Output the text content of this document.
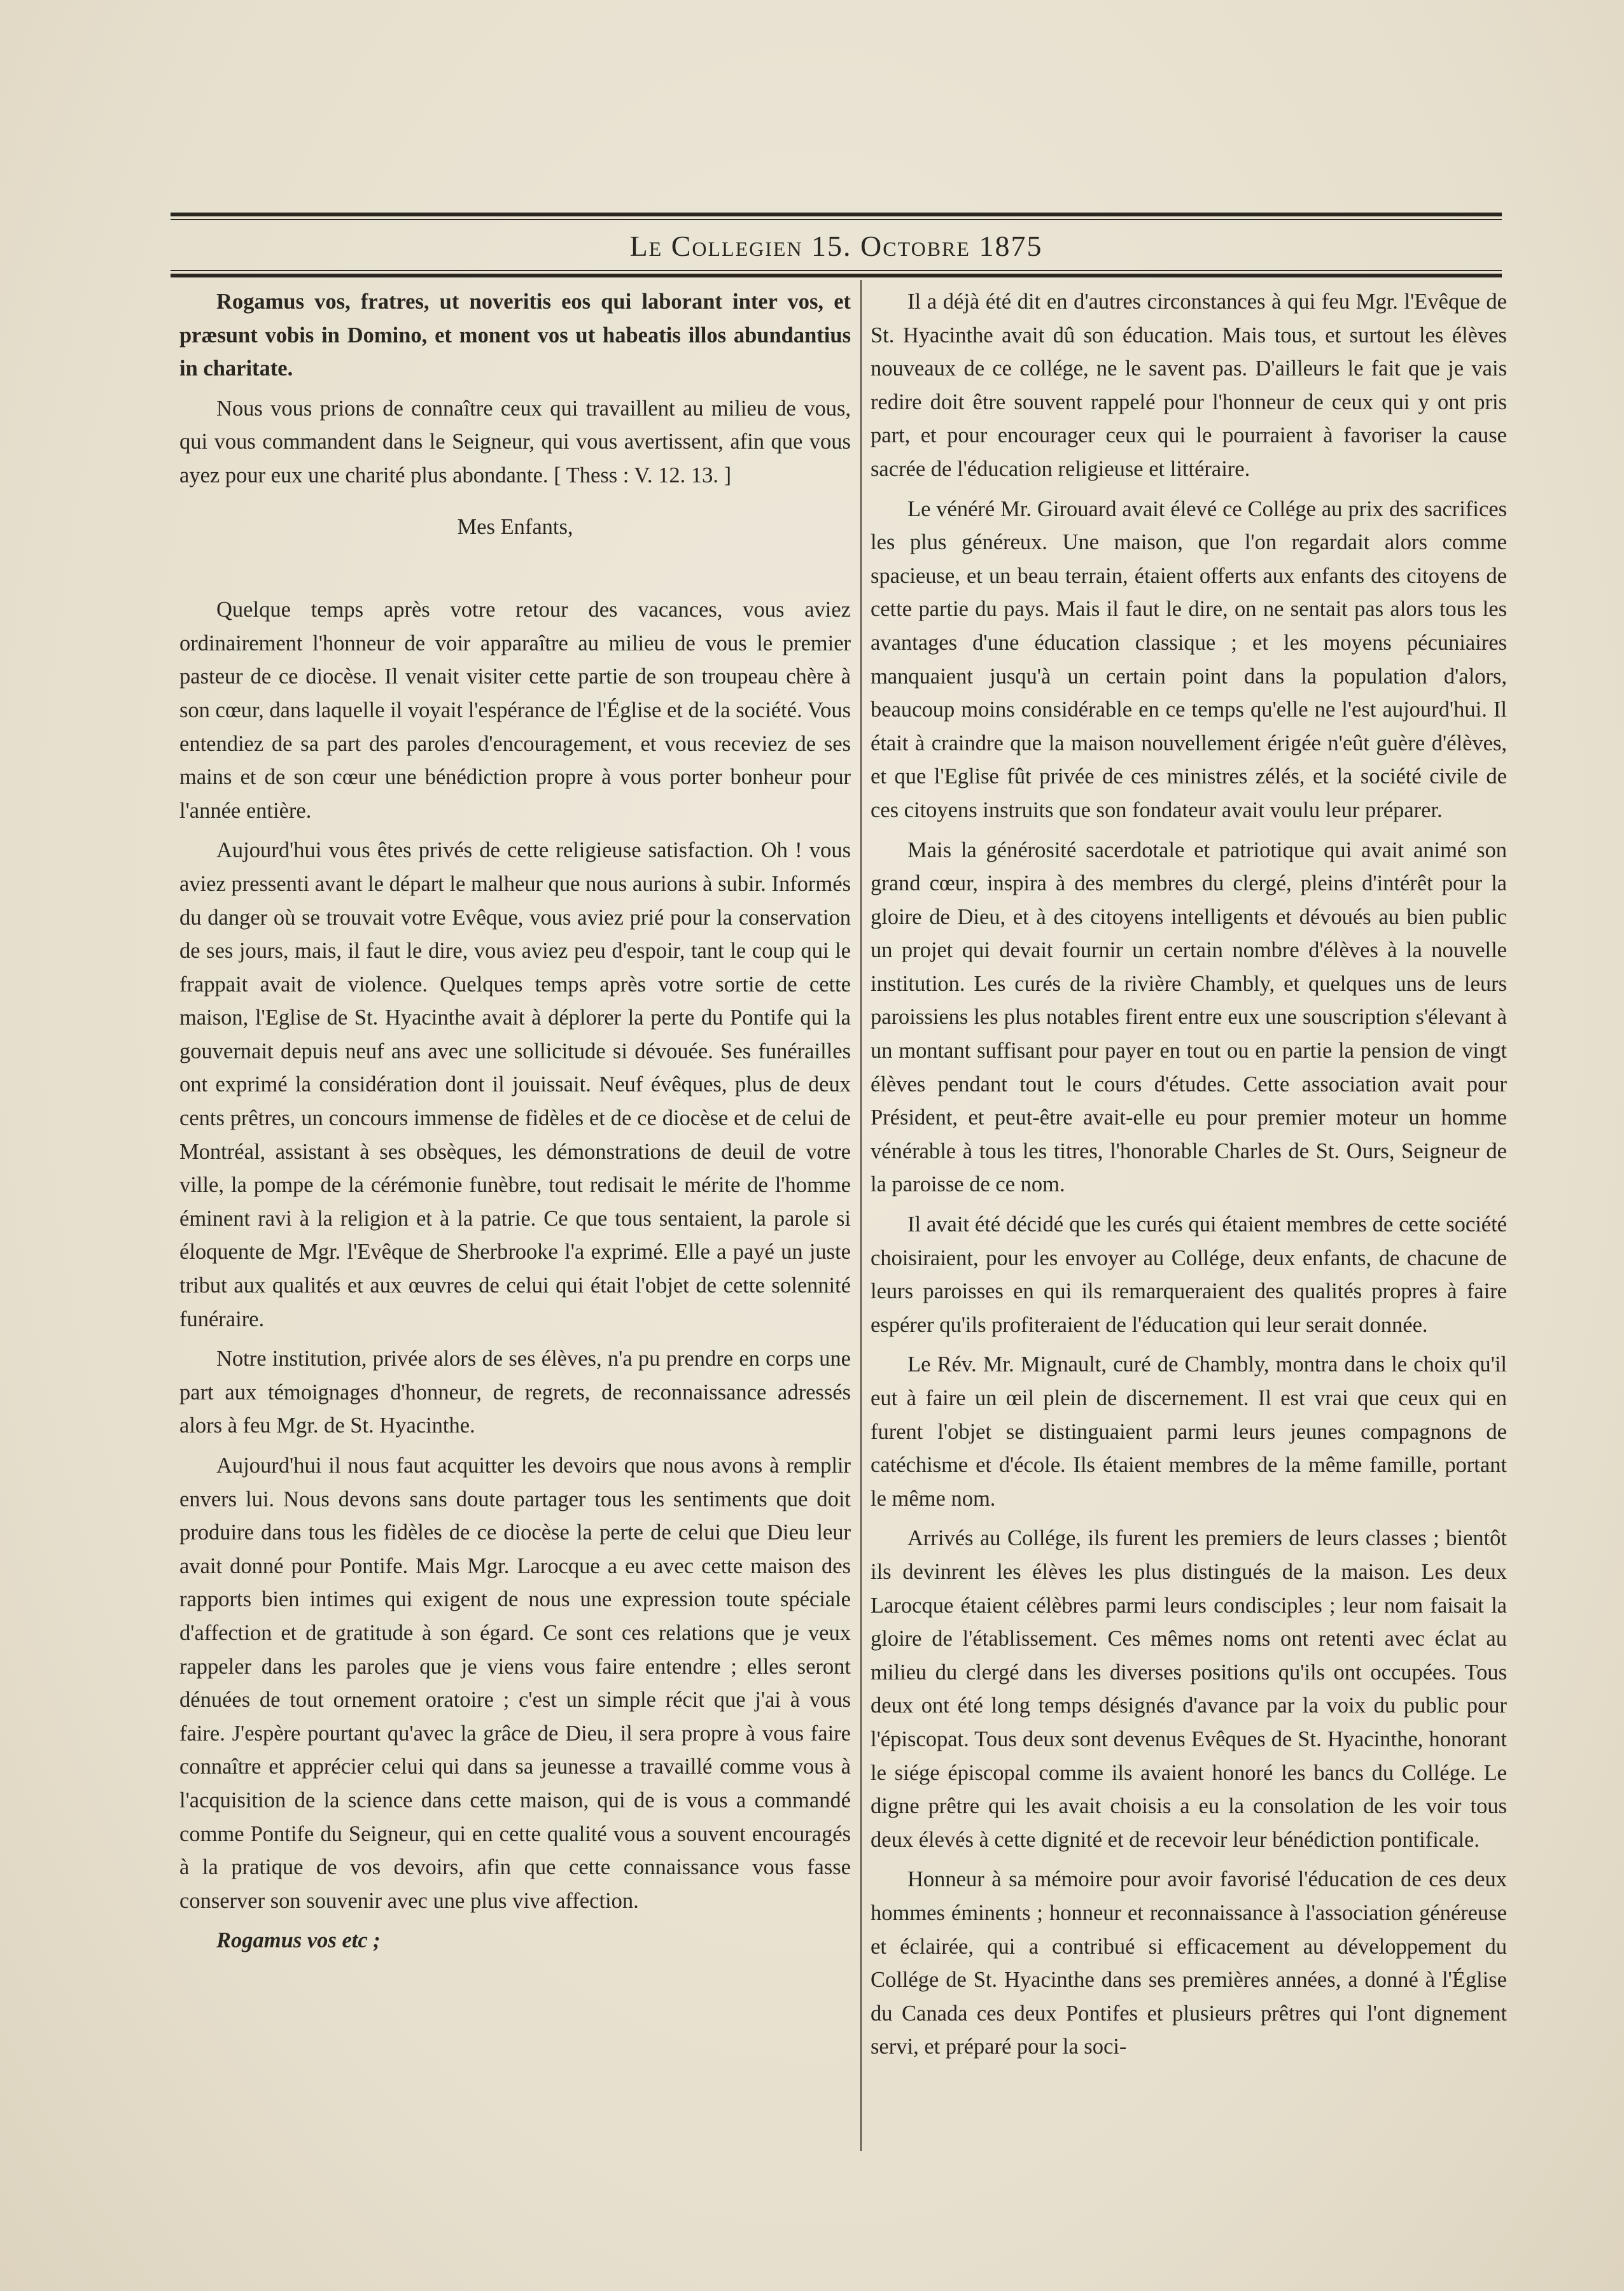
Le Collegien 15. Octobre 1875

Rogamus vos, fratres, ut noveritis eos qui laborant inter vos, et præsunt vobis in Domino, et monent vos ut habeatis illos abundantius in charitate.

Nous vous prions de connaître ceux qui travaillent au milieu de vous, qui vous commandent dans le Seigneur, qui vous avertissent, afin que vous ayez pour eux une charité plus abondante. [ Thess : V. 12. 13. ]

Mes Enfants,

Quelque temps après votre retour des vacances, vous aviez ordinairement l'honneur de voir apparaître au milieu de vous le premier pasteur de ce diocèse. Il venait visiter cette partie de son troupeau chère à son cœur, dans laquelle il voyait l'espérance de l'Église et de la société. Vous entendiez de sa part des paroles d'encouragement, et vous receviez de ses mains et de son cœur une bénédiction propre à vous porter bonheur pour l'année entière.

Aujourd'hui vous êtes privés de cette religieuse satisfaction. Oh ! vous aviez pressenti avant le départ le malheur que nous aurions à subir. Informés du danger où se trouvait votre Evêque, vous aviez prié pour la conservation de ses jours, mais, il faut le dire, vous aviez peu d'espoir, tant le coup qui le frappait avait de violence. Quelques temps après votre sortie de cette maison, l'Eglise de St. Hyacinthe avait à déplorer la perte du Pontife qui la gouvernait depuis neuf ans avec une sollicitude si dévouée. Ses funérailles ont exprimé la considération dont il jouissait. Neuf évêques, plus de deux cents prêtres, un concours immense de fidèles et de ce diocèse et de celui de Montréal, assistant à ses obsèques, les démonstrations de deuil de votre ville, la pompe de la cérémonie funèbre, tout redisait le mérite de l'homme éminent ravi à la religion et à la patrie. Ce que tous sentaient, la parole si éloquente de Mgr. l'Evêque de Sherbrooke l'a exprimé. Elle a payé un juste tribut aux qualités et aux œuvres de celui qui était l'objet de cette solennité funéraire.

Notre institution, privée alors de ses élèves, n'a pu prendre en corps une part aux témoignages d'honneur, de regrets, de reconnaissance adressés alors à feu Mgr. de St. Hyacinthe.

Aujourd'hui il nous faut acquitter les devoirs que nous avons à remplir envers lui. Nous devons sans doute partager tous les sentiments que doit produire dans tous les fidèles de ce diocèse la perte de celui que Dieu leur avait donné pour Pontife. Mais Mgr. Larocque a eu avec cette maison des rapports bien intimes qui exigent de nous une expression toute spéciale d'affection et de gratitude à son égard. Ce sont ces relations que je veux rappeler dans les paroles que je viens vous faire entendre ; elles seront dénuées de tout ornement oratoire ; c'est un simple récit que j'ai à vous faire. J'espère pourtant qu'avec la grâce de Dieu, il sera propre à vous faire connaître et apprécier celui qui dans sa jeunesse a travaillé comme vous à l'acquisition de la science dans cette maison, qui de is vous a commandé comme Pontife du Seigneur, qui en cette qualité vous a souvent encouragés à la pratique de vos devoirs, afin que cette connaissance vous fasse conserver son souvenir avec une plus vive affection.

Rogamus vos etc ;

Il a déjà été dit en d'autres circonstances à qui feu Mgr. l'Evêque de St. Hyacinthe avait dû son éducation. Mais tous, et surtout les élèves nouveaux de ce collége, ne le savent pas. D'ailleurs le fait que je vais redire doit être souvent rappelé pour l'honneur de ceux qui y ont pris part, et pour encourager ceux qui le pourraient à favoriser la cause sacrée de l'éducation religieuse et littéraire.

Le vénéré Mr. Girouard avait élevé ce Collége au prix des sacrifices les plus généreux. Une maison, que l'on regardait alors comme spacieuse, et un beau terrain, étaient offerts aux enfants des citoyens de cette partie du pays. Mais il faut le dire, on ne sentait pas alors tous les avantages d'une éducation classique ; et les moyens pécuniaires manquaient jusqu'à un certain point dans la population d'alors, beaucoup moins considérable en ce temps qu'elle ne l'est aujourd'hui. Il était à craindre que la maison nouvellement érigée n'eût guère d'élèves, et que l'Eglise fût privée de ces ministres zélés, et la société civile de ces citoyens instruits que son fondateur avait voulu leur préparer.

Mais la générosité sacerdotale et patriotique qui avait animé son grand cœur, inspira à des membres du clergé, pleins d'intérêt pour la gloire de Dieu, et à des citoyens intelligents et dévoués au bien public un projet qui devait fournir un certain nombre d'élèves à la nouvelle institution. Les curés de la rivière Chambly, et quelques uns de leurs paroissiens les plus notables firent entre eux une souscription s'élevant à un montant suffisant pour payer en tout ou en partie la pension de vingt élèves pendant tout le cours d'études. Cette association avait pour Président, et peut-être avait-elle eu pour premier moteur un homme vénérable à tous les titres, l'honorable Charles de St. Ours, Seigneur de la paroisse de ce nom.

Il avait été décidé que les curés qui étaient membres de cette société choisiraient, pour les envoyer au Collége, deux enfants, de chacune de leurs paroisses en qui ils remarqueraient des qualités propres à faire espérer qu'ils profiteraient de l'éducation qui leur serait donnée.

Le Rév. Mr. Mignault, curé de Chambly, montra dans le choix qu'il eut à faire un œil plein de discernement. Il est vrai que ceux qui en furent l'objet se distinguaient parmi leurs jeunes compagnons de catéchisme et d'école. Ils étaient membres de la même famille, portant le même nom.

Arrivés au Collége, ils furent les premiers de leurs classes ; bientôt ils devinrent les élèves les plus distingués de la maison. Les deux Larocque étaient célèbres parmi leurs condisciples ; leur nom faisait la gloire de l'établissement. Ces mêmes noms ont retenti avec éclat au milieu du clergé dans les diverses positions qu'ils ont occupées. Tous deux ont été long temps désignés d'avance par la voix du public pour l'épiscopat. Tous deux sont devenus Evêques de St. Hyacinthe, honorant le siége épiscopal comme ils avaient honoré les bancs du Collége. Le digne prêtre qui les avait choisis a eu la consolation de les voir tous deux élevés à cette dignité et de recevoir leur bénédiction pontificale.

Honneur à sa mémoire pour avoir favorisé l'éducation de ces deux hommes éminents ; honneur et reconnaissance à l'association généreuse et éclairée, qui a contribué si efficacement au développement du Collége de St. Hyacinthe dans ses premières années, a donné à l'Église du Canada ces deux Pontifes et plusieurs prêtres qui l'ont dignement servi, et préparé pour la soci-
